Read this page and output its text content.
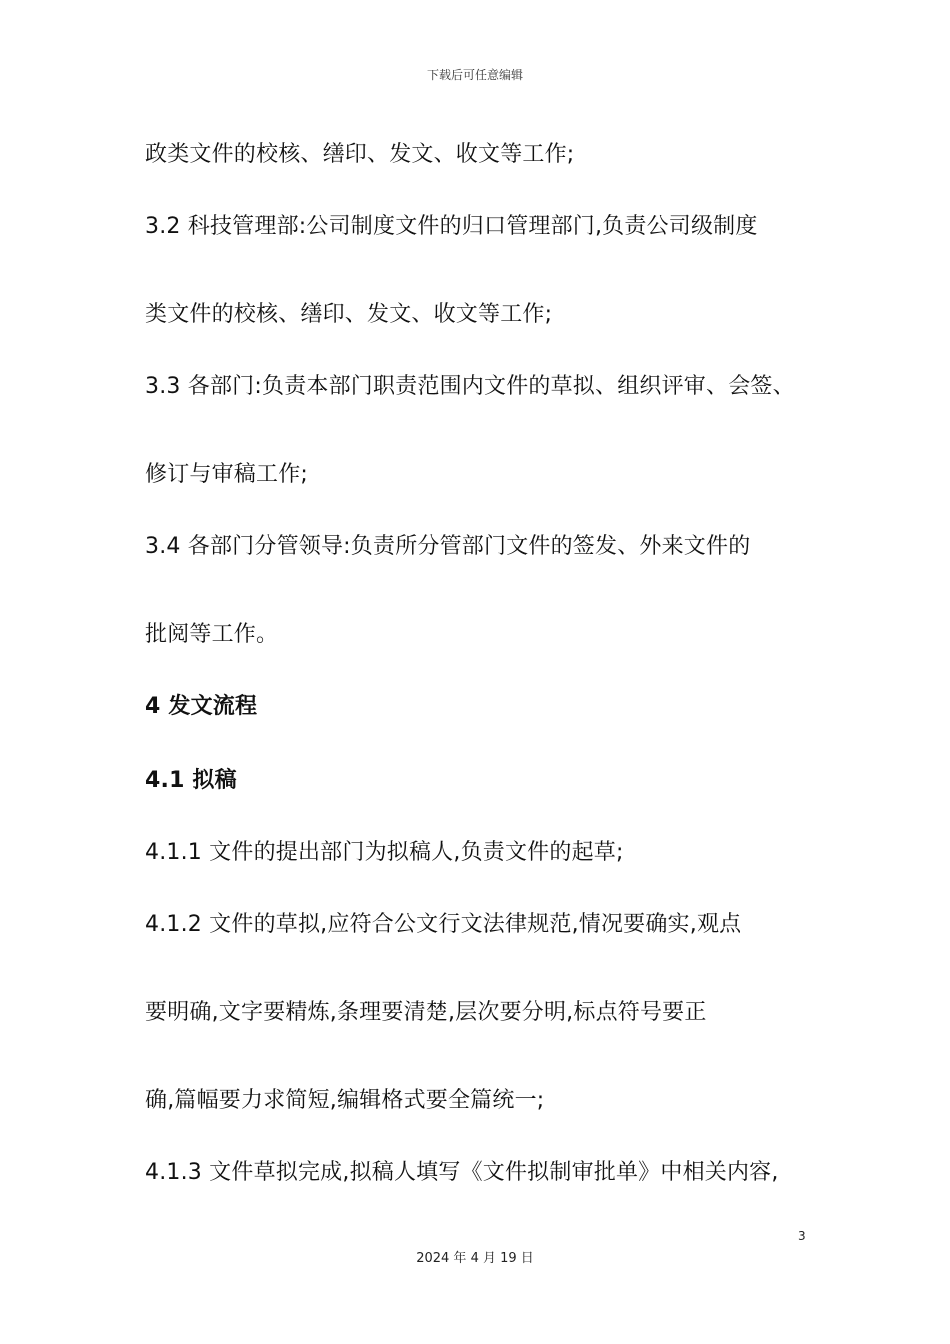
下载后可任意编辑
政类文件的校核、缮印、发文、收文等工作;
3.2 科技管理部:公司制度文件的归口管理部门,负责公司级制度
类文件的校核、缮印、发文、收文等工作;
3.3 各部门:负责本部门职责范围内文件的草拟、组织评审、会签、
修订与审稿工作;
3.4 各部门分管领导:负责所分管部门文件的签发、外来文件的
批阅等工作。
4 发文流程
4.1 拟稿
4.1.1 文件的提出部门为拟稿人,负责文件的起草;
4.1.2 文件的草拟,应符合公文行文法律规范,情况要确实,观点
要明确,文字要精炼,条理要清楚,层次要分明,标点符号要正
确,篇幅要力求简短,编辑格式要全篇统一;
4.1.3 文件草拟完成,拟稿人填写《文件拟制审批单》中相关内容,
3
2024 年 4 月 19 日
